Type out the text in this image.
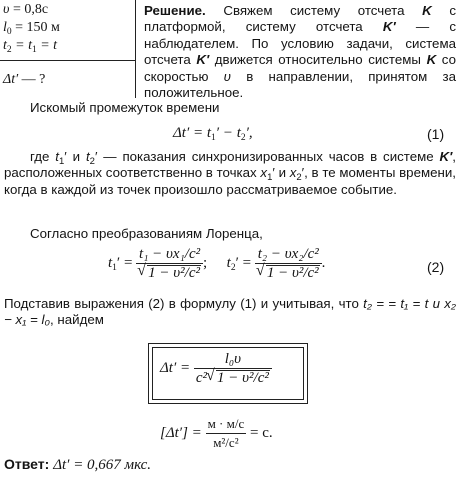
υ = 0,8c
$l_0 = 150$ м
$t_2 = t_1 = t$
Δt′ — ?

Решение. Свяжем систему отсчета K с платформой, систему отсчета K′ — с наблюдателем. По условию задачи, система отсчета K′ движется относительно системы K со скоростью υ в направлении, принятом за положительное.

Искомый промежуток времени

$\Delta t' = t_1' - t_2'$,	(1)

где $t_1'$ и $t_2'$ — показания синхронизированных часов в системе K′, расположенных соответственно в точках $x_1'$ и $x_2'$, в те моменты времени, когда в каждой из точек произошло рассматриваемое событие.

Согласно преобразованиям Лоренца,

$t_1' = t_1 - \upsilon x_1/c^2$
√ 1 − υ²/c² ; $t_2' = t_2 - \upsilon x_2/c^2$
√ 1 − υ²/c² .	(2)

Подставив выражения (2) в формулу (1) и учитывая, что t₂ = = t₁ = t и x₂ − x₁ = l₀, найдем

$\Delta t' = \frac{\text{l₀υ}}{\text{c²√ 1 − υ²/c²}}$
$[\Delta t'] = \frac{м \cdot м/с}{\text{м²/с²}} = с$.
Ответ: Δt′ = 0,667 мкс.
